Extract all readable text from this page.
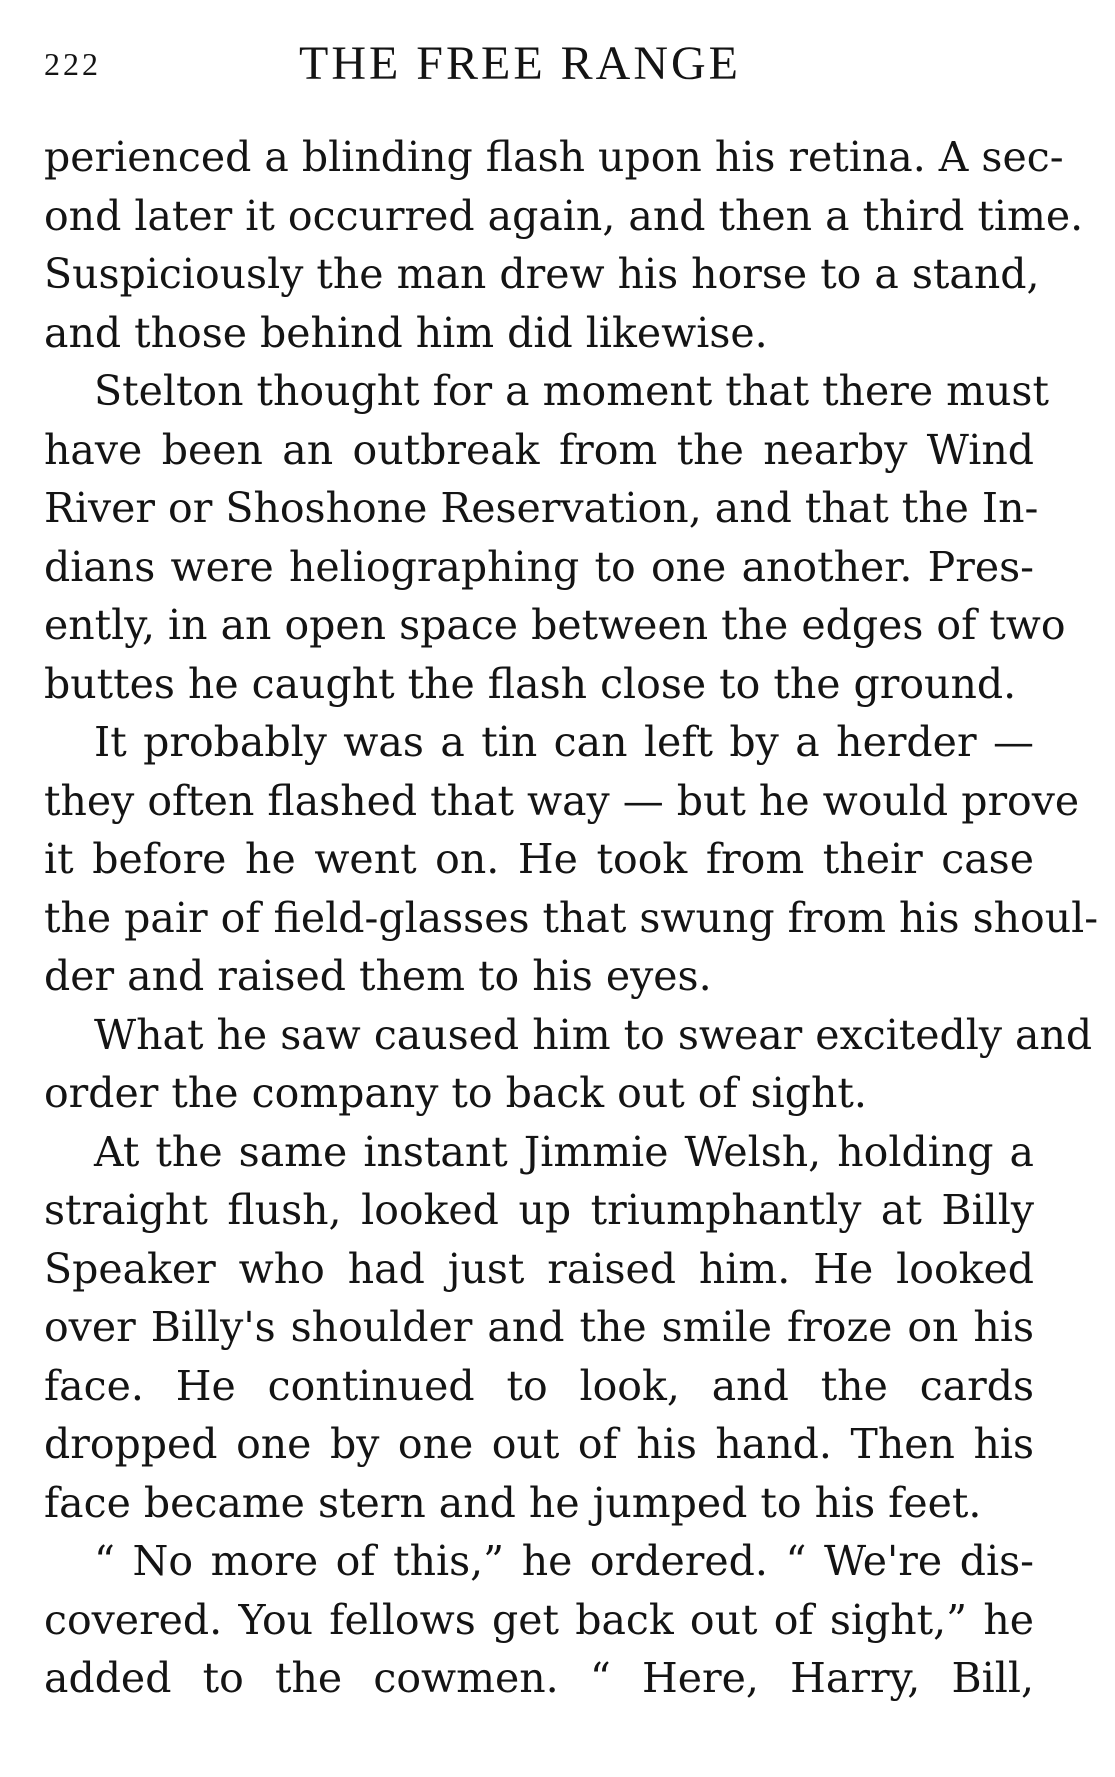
222	THE FREE RANGE
perienced a blinding flash upon his retina. A sec-
ond later it occurred again, and then a third time.
Suspiciously the man drew his horse to a stand,
and those behind him did likewise.
Stelton thought for a moment that there must
have been an outbreak from the nearby Wind
River or Shoshone Reservation, and that the In-
dians were heliographing to one another. Pres-
ently, in an open space between the edges of two
buttes he caught the flash close to the ground.
It probably was a tin can left by a herder —
they often flashed that way — but he would prove
it before he went on. He took from their case
the pair of field-glasses that swung from his shoul-
der and raised them to his eyes.
What he saw caused him to swear excitedly and
order the company to back out of sight.
At the same instant Jimmie Welsh, holding a
straight flush, looked up triumphantly at Billy
Speaker who had just raised him. He looked
over Billy's shoulder and the smile froze on his
face. He continued to look, and the cards
dropped one by one out of his hand. Then his
face became stern and he jumped to his feet.
“ No more of this,” he ordered. “ We're dis-
covered. You fellows get back out of sight,” he
added to the cowmen. “ Here, Harry, Bill,
